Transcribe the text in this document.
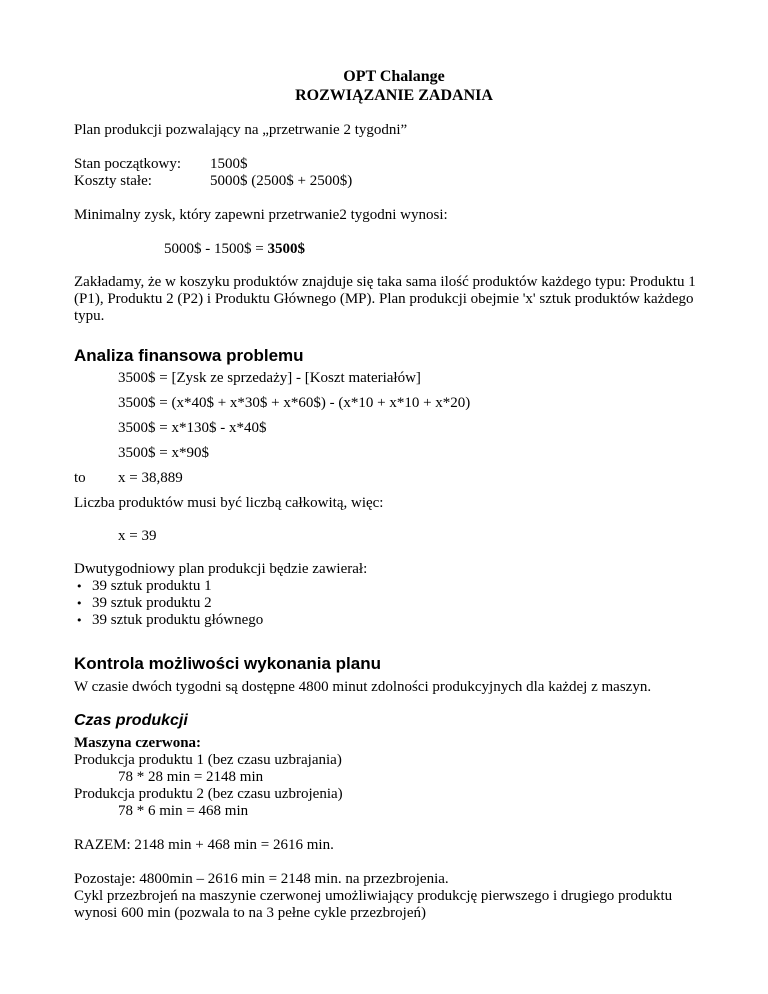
OPT Chalange
ROZWIĄZANIE ZADANIA

Plan produkcji pozwalający na „przetrwanie 2 tygodni”

Stan początkowy:	1500$
Koszty stałe:	5000$ (2500$ + 2500$)

Minimalny zysk, który zapewni przetrwanie2 tygodni wynosi:

5000$ - 1500$ = 3500$

Zakładamy, że w koszyku produktów znajduje się taka sama ilość produktów każdego typu: Produktu 1 (P1), Produktu 2 (P2) i Produktu Głównego (MP). Plan produkcji obejmie 'x' sztuk produktów każdego typu.

Analiza finansowa problemu

3500$ = [Zysk ze sprzedaży] - [Koszt materiałów]

3500$ = (x*40$ + x*30$ + x*60$) - (x*10 + x*10 + x*20)

3500$ = x*130$ - x*40$

3500$ = x*90$

to	x = 38,889

Liczba produktów musi być liczbą całkowitą, więc:

x = 39

Dwutygodniowy plan produkcji będzie zawierał:

• 39 sztuk produktu 1
• 39 sztuk produktu 2
• 39 sztuk produktu głównego
Kontrola możliwości wykonania planu

W czasie dwóch tygodni są dostępne 4800 minut zdolności produkcyjnych dla każdej z maszyn.

Czas produkcji

Maszyna czerwona:

Produkcja produktu 1 (bez czasu uzbrajania)

78 * 28 min = 2148 min

Produkcja produktu 2 (bez czasu uzbrojenia)

78 * 6 min = 468 min

RAZEM: 2148 min + 468 min = 2616 min.

Pozostaje: 4800min – 2616 min = 2148 min. na przezbrojenia.

Cykl przezbrojeń na maszynie czerwonej umożliwiający produkcję pierwszego i drugiego produktu wynosi 600 min (pozwala to na 3 pełne cykle przezbrojeń)
